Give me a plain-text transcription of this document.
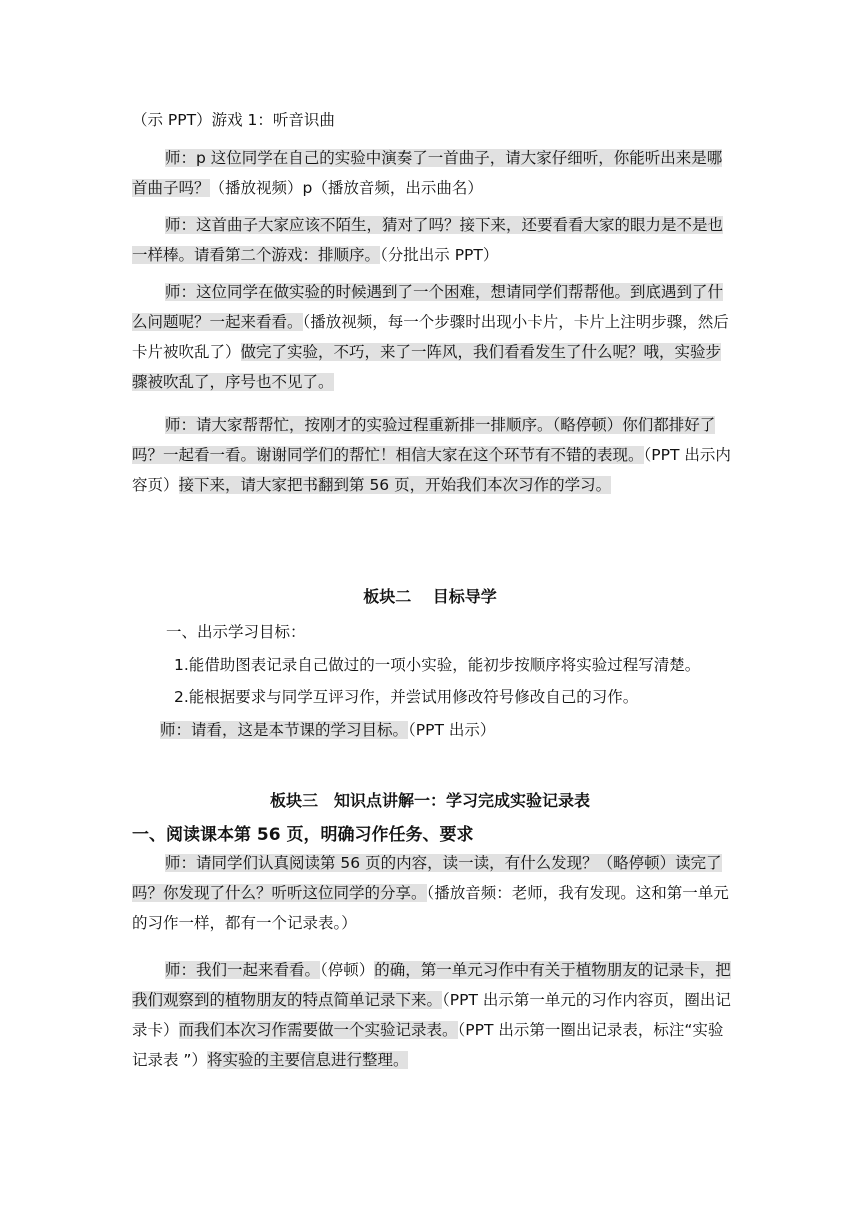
（示 PPT）游戏 1：听音识曲

师：p 这位同学在自己的实验中演奏了一首曲子，请大家仔细听，你能听出来是哪首曲子吗？（播放视频）p（播放音频，出示曲名）

师：这首曲子大家应该不陌生，猜对了吗？接下来，还要看看大家的眼力是不是也一样棒。请看第二个游戏：排顺序。（分批出示 PPT）

师：这位同学在做实验的时候遇到了一个困难，想请同学们帮帮他。到底遇到了什么问题呢？一起来看看。（播放视频，每一个步骤时出现小卡片，卡片上注明步骤，然后卡片被吹乱了）做完了实验，不巧，来了一阵风，我们看看发生了什么呢？哦，实验步骤被吹乱了，序号也不见了。

师：请大家帮帮忙，按刚才的实验过程重新排一排顺序。（略停顿）你们都排好了吗？一起看一看。谢谢同学们的帮忙！相信大家在这个环节有不错的表现。（PPT 出示内容页）接下来，请大家把书翻到第 56 页，开始我们本次习作的学习。

板块二　 目标导学

一、出示学习目标：

1.能借助图表记录自己做过的一项小实验，能初步按顺序将实验过程写清楚。

2.能根据要求与同学互评习作，并尝试用修改符号修改自己的习作。

师：请看，这是本节课的学习目标。（PPT 出示）

板块三　知识点讲解一：学习完成实验记录表

一、阅读课本第 56 页，明确习作任务、要求

师：请同学们认真阅读第 56 页的内容，读一读，有什么发现？（略停顿）读完了吗？你发现了什么？听听这位同学的分享。（播放音频：老师，我有发现。这和第一单元的习作一样，都有一个记录表。）

师：我们一起来看看。（停顿）的确，第一单元习作中有关于植物朋友的记录卡，把我们观察到的植物朋友的特点简单记录下来。（PPT 出示第一单元的习作内容页，圈出记录卡）而我们本次习作需要做一个实验记录表。（PPT 出示第一圈出记录表，标注“实验记录表 ”）将实验的主要信息进行整理。
